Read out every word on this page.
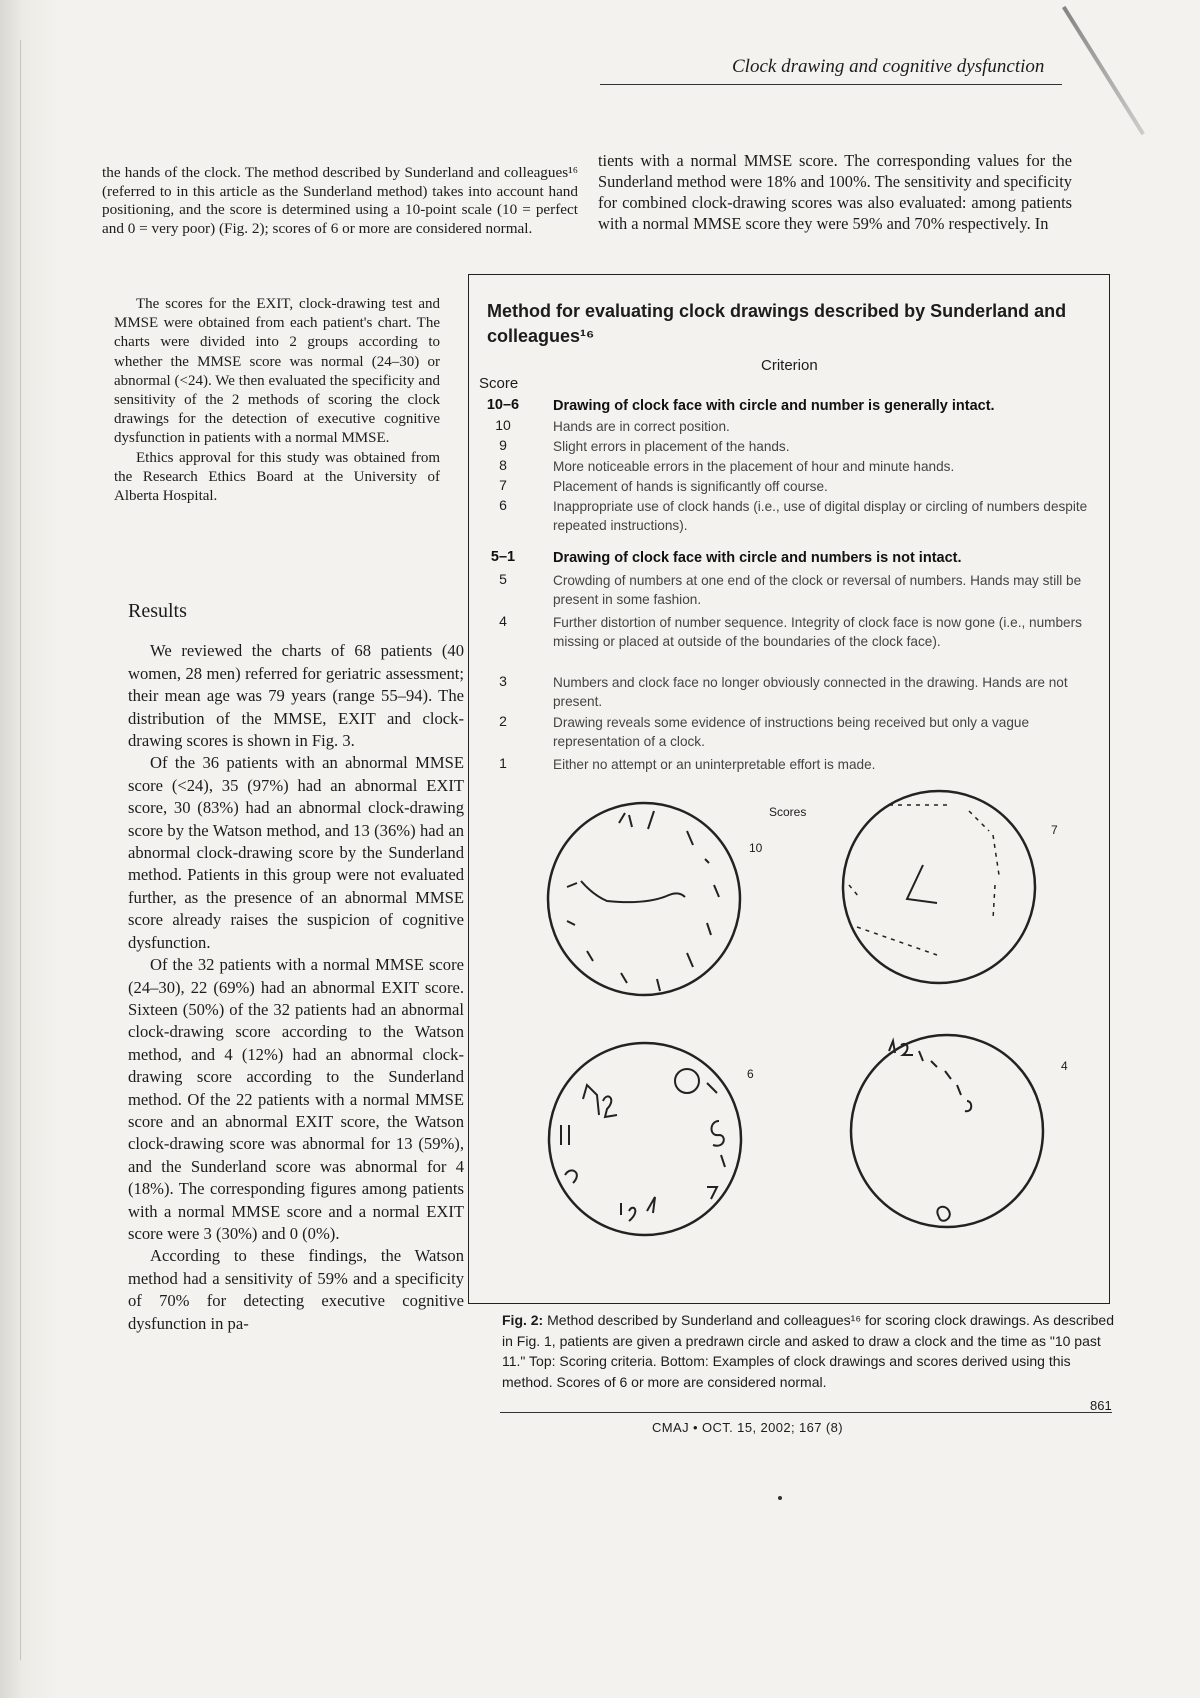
Clock drawing and cognitive dysfunction

the hands of the clock. The method described by Sunderland and colleagues¹⁶ (referred to in this article as the Sunderland method) takes into account hand positioning, and the score is determined using a 10-point scale (10 = perfect and 0 = very poor) (Fig. 2); scores of 6 or more are considered normal.

The scores for the EXIT, clock-drawing test and MMSE were obtained from each patient's chart. The charts were divided into 2 groups according to whether the MMSE score was normal (24–30) or abnormal (<24). We then evaluated the specificity and sensitivity of the 2 methods of scoring the clock drawings for the detection of executive cognitive dysfunction in patients with a normal MMSE.

Ethics approval for this study was obtained from the Research Ethics Board at the University of Alberta Hospital.

Results

We reviewed the charts of 68 patients (40 women, 28 men) referred for geriatric assessment; their mean age was 79 years (range 55–94). The distribution of the MMSE, EXIT and clock-drawing scores is shown in Fig. 3.

Of the 36 patients with an abnormal MMSE score (<24), 35 (97%) had an abnormal EXIT score, 30 (83%) had an abnormal clock-drawing score by the Watson method, and 13 (36%) had an abnormal clock-drawing score by the Sunderland method. Patients in this group were not evaluated further, as the presence of an abnormal MMSE score already raises the suspicion of cognitive dysfunction.

Of the 32 patients with a normal MMSE score (24–30), 22 (69%) had an abnormal EXIT score. Sixteen (50%) of the 32 patients had an abnormal clock-drawing score according to the Watson method, and 4 (12%) had an abnormal clock-drawing score according to the Sunderland method. Of the 22 patients with a normal MMSE score and an abnormal EXIT score, the Watson clock-drawing score was abnormal for 13 (59%), and the Sunderland score was abnormal for 4 (18%). The corresponding figures among patients with a normal MMSE score and a normal EXIT score were 3 (30%) and 0 (0%).

According to these findings, the Watson method had a sensitivity of 59% and a specificity of 70% for detecting executive cognitive dysfunction in pa-

tients with a normal MMSE score. The corresponding values for the Sunderland method were 18% and 100%. The sensitivity and specificity for combined clock-drawing scores was also evaluated: among patients with a normal MMSE score they were 59% and 70% respectively. In

Method for evaluating clock drawings described by Sunderland and colleagues¹⁶
Criterion
Score
10–6 Drawing of clock face with circle and number is generally intact.
10	Hands are in correct position.
9	Slight errors in placement of the hands.
8	More noticeable errors in the placement of hour and minute hands.
7	Placement of hands is significantly off course.
6	Inappropriate use of clock hands (i.e., use of digital display or circling of numbers despite repeated instructions).
5–1	Drawing of clock face with circle and numbers is not intact.
5	Crowding of numbers at one end of the clock or reversal of numbers. Hands may still be present in some fashion.
4	Further distortion of number sequence. Integrity of clock face is now gone (i.e., numbers missing or placed at outside of the boundaries of the clock face).
3	Numbers and clock face no longer obviously connected in the drawing. Hands are not present.
2	Drawing reveals some evidence of instructions being received but only a vague representation of a clock.
1	Either no attempt or an uninterpretable effort is made.
Scores
10
7
6
4
Fig. 2: Method described by Sunderland and colleagues¹⁶ for scoring clock drawings. As described in Fig. 1, patients are given a predrawn circle and asked to draw a clock and the time as "10 past 11." Top: Scoring criteria. Bottom: Examples of clock drawings and scores derived using this method. Scores of 6 or more are considered normal.
861
CMAJ • OCT. 15, 2002; 167 (8)
